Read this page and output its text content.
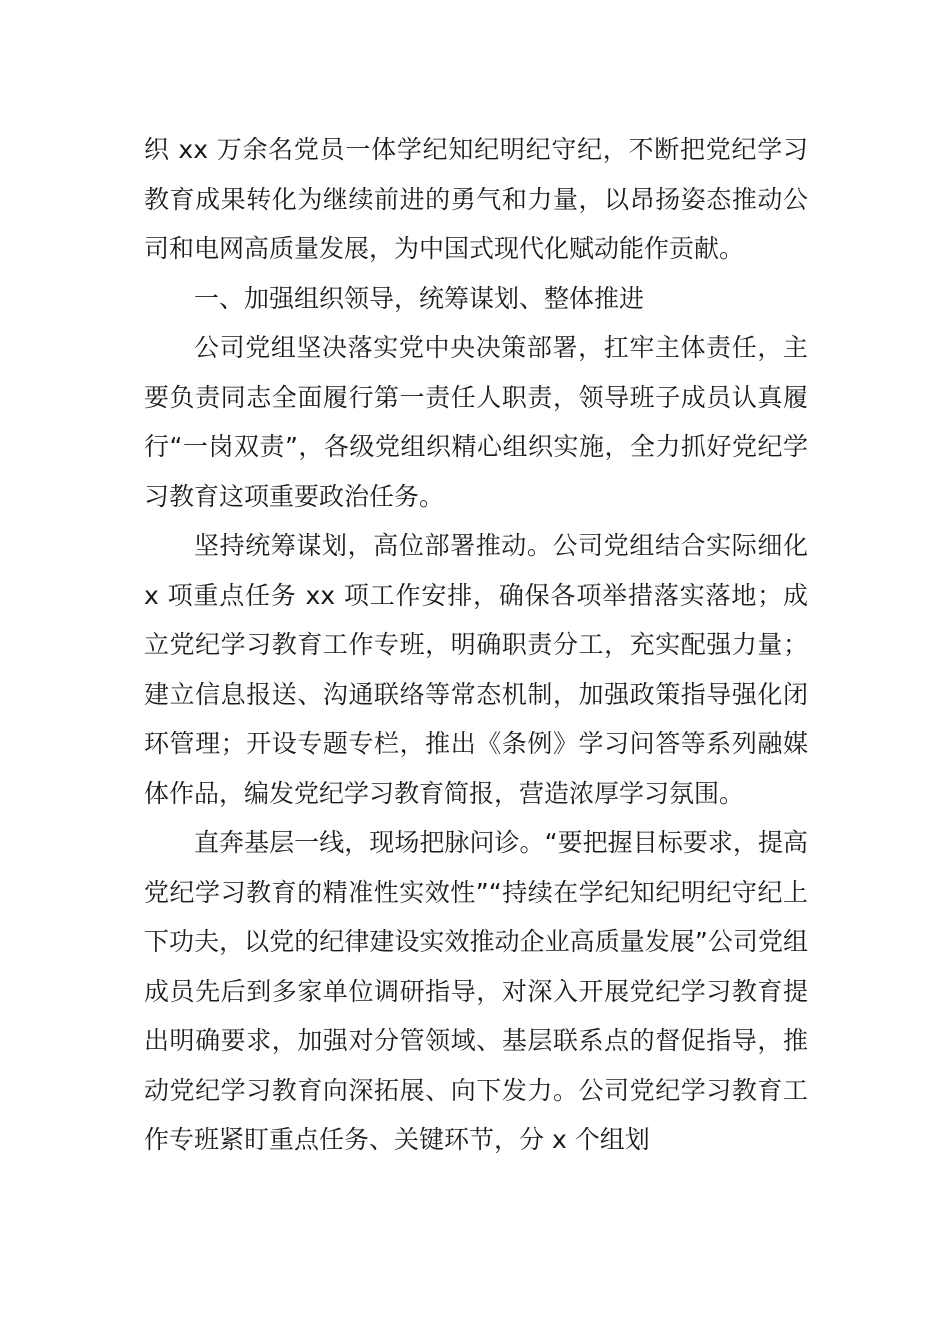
织 xx 万余名党员一体学纪知纪明纪守纪，不断把党纪学习教育成果转化为继续前进的勇气和力量，以昂扬姿态推动公司和电网高质量发展，为中国式现代化赋动能作贡献。

一、加强组织领导，统筹谋划、整体推进

公司党组坚决落实党中央决策部署，扛牢主体责任，主要负责同志全面履行第一责任人职责，领导班子成员认真履行“一岗双责”，各级党组织精心组织实施，全力抓好党纪学习教育这项重要政治任务。

坚持统筹谋划，高位部署推动。公司党组结合实际细化 x 项重点任务 xx 项工作安排，确保各项举措落实落地；成立党纪学习教育工作专班，明确职责分工，充实配强力量；建立信息报送、沟通联络等常态机制，加强政策指导强化闭环管理；开设专题专栏，推出《条例》学习问答等系列融媒体作品，编发党纪学习教育简报，营造浓厚学习氛围。

直奔基层一线，现场把脉问诊。“要把握目标要求，提高党纪学习教育的精准性实效性”“持续在学纪知纪明纪守纪上下功夫，以党的纪律建设实效推动企业高质量发展”公司党组成员先后到多家单位调研指导，对深入开展党纪学习教育提出明确要求，加强对分管领域、基层联系点的督促指导，推动党纪学习教育向深拓展、向下发力。公司党纪学习教育工作专班紧盯重点任务、关键环节，分 x 个组划
